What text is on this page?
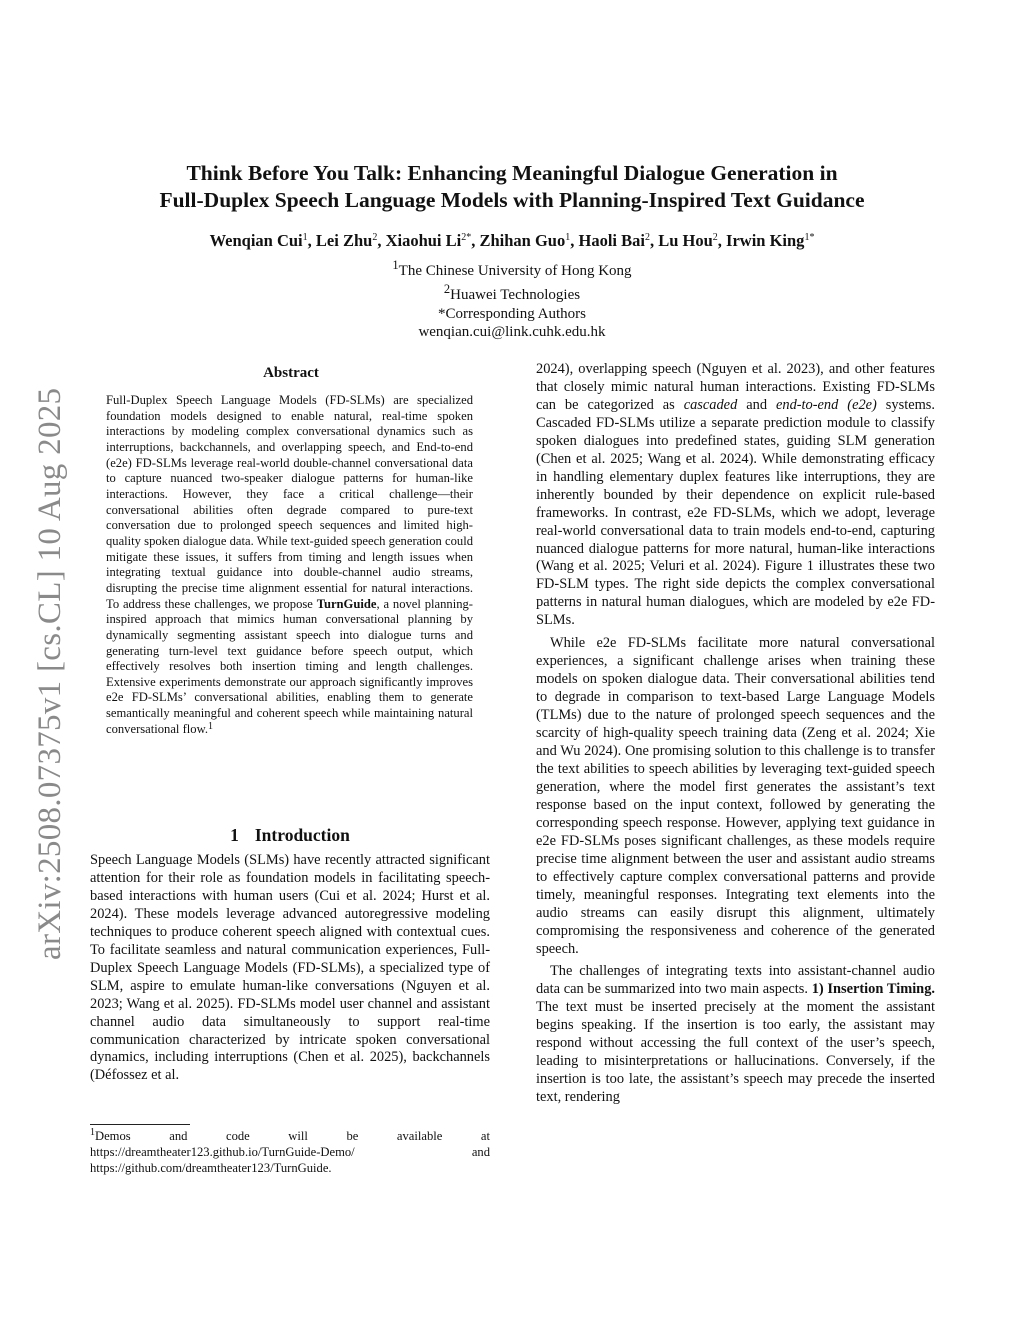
arXiv:2508.07375v1 [cs.CL] 10 Aug 2025
Think Before You Talk: Enhancing Meaningful Dialogue Generation in
Full-Duplex Speech Language Models with Planning-Inspired Text Guidance
Wenqian Cui$^1$, Lei Zhu$^2$, Xiaohui $Li^{2*}$, Zhihan Guo$^1$, Haoli Bai$^2$, Lu Hou$^2$, Irwin King$^{1*}$
$^1$The Chinese University of Hong Kong
$^2$Huawei Technologies
*Corresponding Authors
wenqian.cui@link.cuhk.edu.hk
Abstract
Full-Duplex Speech Language Models (FD-SLMs) are specialized foundation models designed to enable natural, real-time spoken interactions by modeling complex conversational dynamics such as interruptions, backchannels, and overlapping speech, and End-to-end (e2e) FD-SLMs leverage real-world double-channel conversational data to capture nuanced two-speaker dialogue patterns for human-like interactions. However, they face a critical challenge—their conversational abilities often degrade compared to pure-text conversation due to prolonged speech sequences and limited high-quality spoken dialogue data. While text-guided speech generation could mitigate these issues, it suffers from timing and length issues when integrating textual guidance into double-channel audio streams, disrupting the precise time alignment essential for natural interactions. To address these challenges, we propose TurnGuide, a novel planning-inspired approach that mimics human conversational planning by dynamically segmenting assistant speech into dialogue turns and generating turn-level text guidance before speech output, which effectively resolves both insertion timing and length challenges. Extensive experiments demonstrate our approach significantly improves e2e FD-SLMs’ conversational abilities, enabling them to generate semantically meaningful and coherent speech while maintaining natural conversational flow.$^1$
1 Introduction

Speech Language Models (SLMs) have recently attracted significant attention for their role as foundation models in facilitating speech-based interactions with human users (Cui et al. 2024; Hurst et al. 2024). These models leverage advanced autoregressive modeling techniques to produce coherent speech aligned with contextual cues. To facilitate seamless and natural communication experiences, Full-Duplex Speech Language Models (FD-SLMs), a specialized type of SLM, aspire to emulate human-like conversations (Nguyen et al. 2023; Wang et al. 2025). FD-SLMs model user channel and assistant channel audio data simultaneously to support real-time communication characterized by intricate spoken conversational dynamics, including interruptions (Chen et al. 2025), backchannels (Défossez et al.

$^1$Demos and code will be available at https://dreamtheater123.github.io/TurnGuide-Demo/ and https://github.com/dreamtheater123/TurnGuide.

2024), overlapping speech (Nguyen et al. 2023), and other features that closely mimic natural human interactions. Existing FD-SLMs can be categorized as cascaded and end-to-end (e2e) systems. Cascaded FD-SLMs utilize a separate prediction module to classify spoken dialogues into predefined states, guiding SLM generation (Chen et al. 2025; Wang et al. 2024). While demonstrating efficacy in handling elementary duplex features like interruptions, they are inherently bounded by their dependence on explicit rule-based frameworks. In contrast, e2e FD-SLMs, which we adopt, leverage real-world conversational data to train models end-to-end, capturing nuanced dialogue patterns for more natural, human-like interactions (Wang et al. 2025; Veluri et al. 2024). Figure 1 illustrates these two FD-SLM types. The right side depicts the complex conversational patterns in natural human dialogues, which are modeled by e2e FD-SLMs.

While e2e FD-SLMs facilitate more natural conversational experiences, a significant challenge arises when training these models on spoken dialogue data. Their conversational abilities tend to degrade in comparison to text-based Large Language Models (TLMs) due to the nature of prolonged speech sequences and the scarcity of high-quality speech training data (Zeng et al. 2024; Xie and Wu 2024). One promising solution to this challenge is to transfer the text abilities to speech abilities by leveraging text-guided speech generation, where the model first generates the assistant’s text response based on the input context, followed by generating the corresponding speech response. However, applying text guidance in e2e FD-SLMs poses significant challenges, as these models require precise time alignment between the user and assistant audio streams to effectively capture complex conversational patterns and provide timely, meaningful responses. Integrating text elements into the audio streams can easily disrupt this alignment, ultimately compromising the responsiveness and coherence of the generated speech.

The challenges of integrating texts into assistant-channel audio data can be summarized into two main aspects. 1) Insertion Timing. The text must be inserted precisely at the moment the assistant begins speaking. If the insertion is too early, the assistant may respond without accessing the full context of the user’s speech, leading to misinterpretations or hallucinations. Conversely, if the insertion is too late, the assistant’s speech may precede the inserted text, rendering
